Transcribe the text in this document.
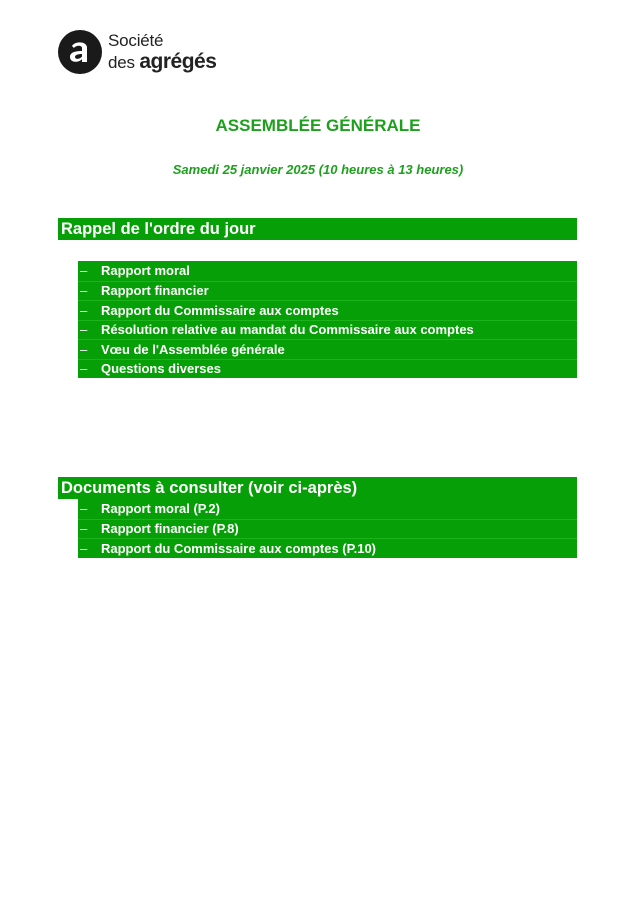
Société
des agrégés
ASSEMBLÉE GÉNÉRALE
Samedi 25 janvier 2025 (10 heures à 13 heures)
Rappel de l'ordre du jour
–	Rapport moral
–	Rapport financier
–	Rapport du Commissaire aux comptes
–	Résolution relative au mandat du Commissaire aux comptes
–	Vœu de l'Assemblée générale
–	Questions diverses
Documents à consulter (voir ci-après)
–	Rapport moral (P.2)
–	Rapport financier (P.8)
–	Rapport du Commissaire aux comptes (P.10)
